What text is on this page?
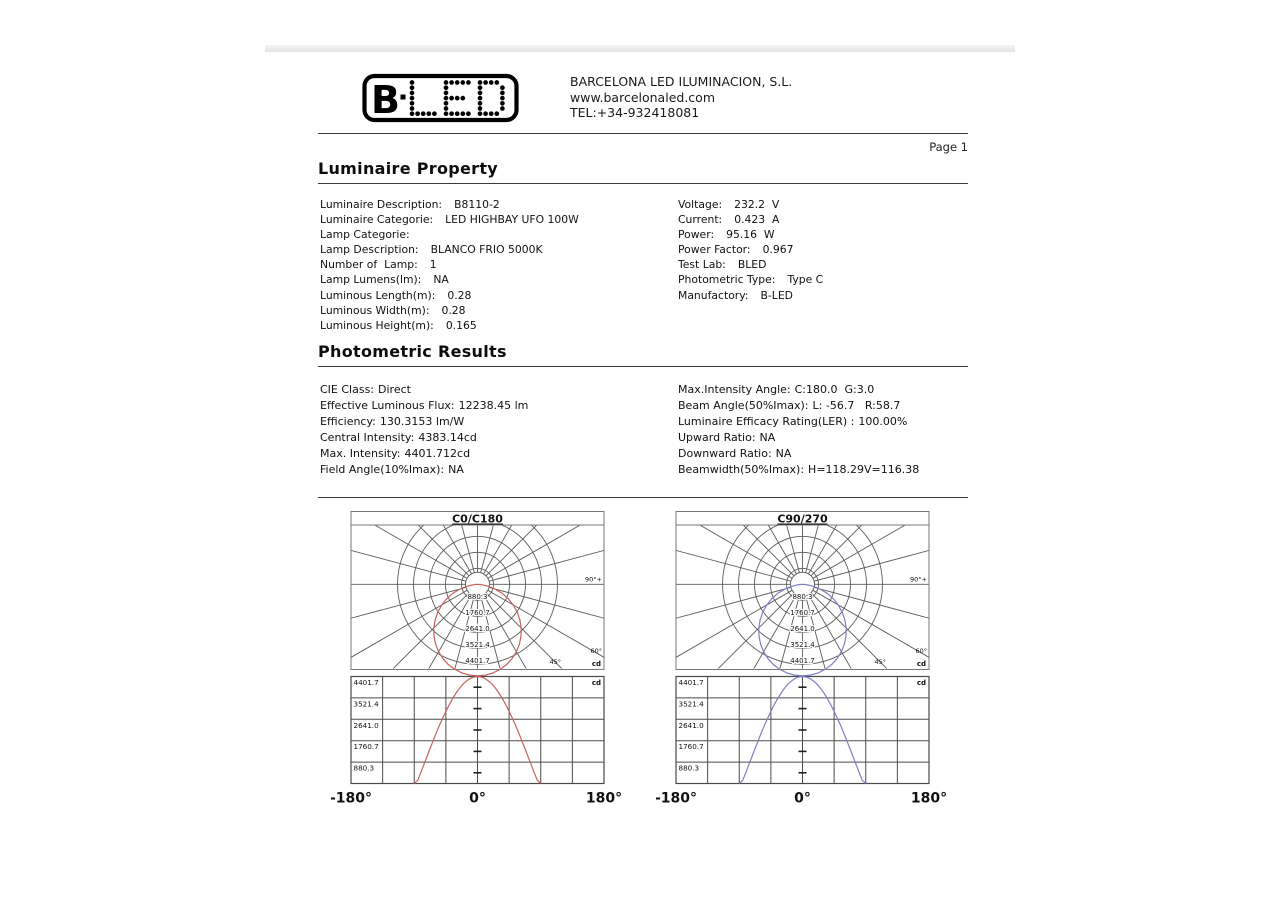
B	BARCELONA LED ILUMINACION, S.L.
www.barcelonaled.com
TEL:+34-932418081
Page 1
Luminaire Property
Luminaire Description: B8110-2
Luminaire Categorie: LED HIGHBAY UFO 100W
Lamp Categorie:
Lamp Description: BLANCO FRIO 5000K
Number of  Lamp: 1
Lamp Lumens(lm): NA
Luminous Length(m): 0.28
Luminous Width(m): 0.28
Luminous Height(m): 0.165
Voltage: 232.2  V
Current: 0.423  A
Power: 95.16  W
Power Factor: 0.967
Test Lab: BLED
Photometric Type: Type C
Manufactory: B-LED
Photometric Results
CIE Class: Direct
Effective Luminous Flux: 12238.45 lm
Efficiency: 130.3153 lm/W
Central Intensity: 4383.14cd
Max. Intensity: 4401.712cd
Field Angle(10%Imax): NA
Max.Intensity Angle: C:180.0  G:3.0
Beam Angle(50%Imax): L: -56.7   R:58.7
Luminaire Efficacy Rating(LER) : 100.00%
Upward Ratio: NA
Downward Ratio: NA
Beamwidth(50%Imax): H=118.29V=116.38
C0/C180
880.3
1760.7
2641.0
3521.4
4401.7
90°+
60°
45°	cd
4401.7
3521.4
2641.0
1760.7
880.3
cd
-180°	0°	180°
C90/270
880.3
1760.7
2641.0
3521.4
4401.7
90°+
60°
45°	cd
4401.7
3521.4
2641.0
1760.7
880.3
cd
-180°	0°	180°
